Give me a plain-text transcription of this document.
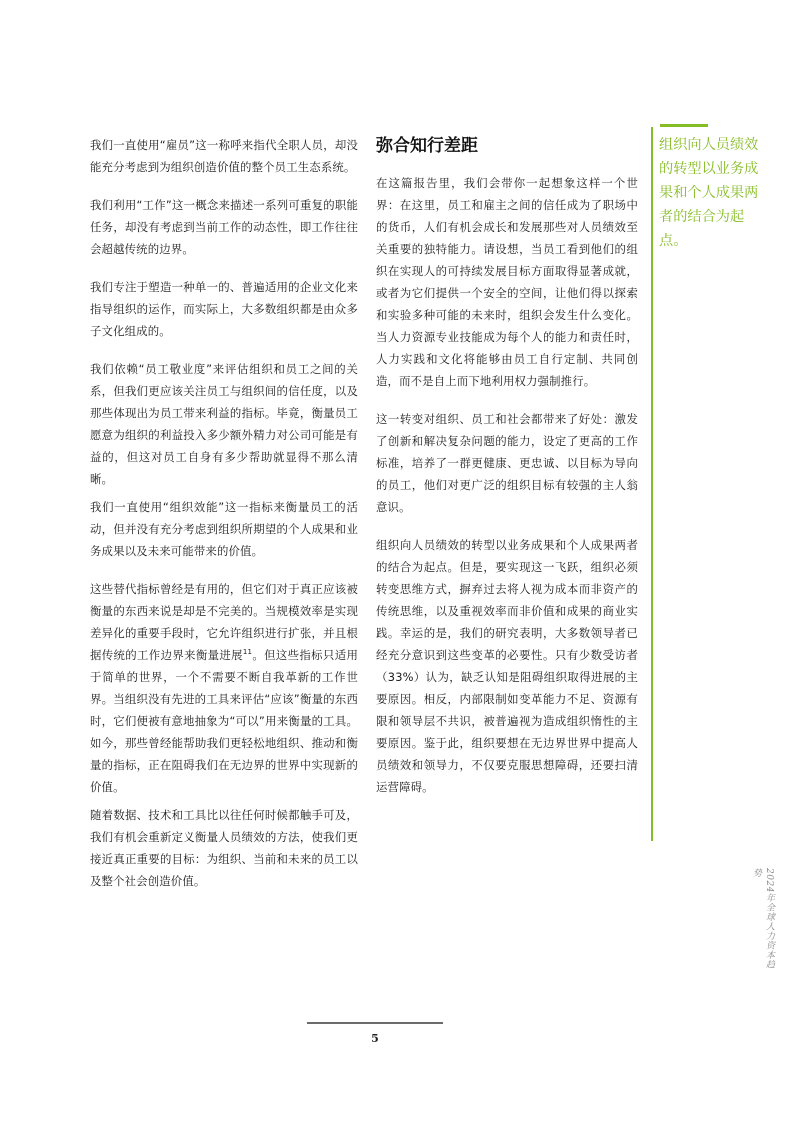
我们一直使用“雇员”这一称呼来指代全职人员，却没能充分考虑到为组织创造价值的整个员工生态系统。

我们利用“工作”这一概念来描述一系列可重复的职能任务，却没有考虑到当前工作的动态性，即工作往往会超越传统的边界。

我们专注于塑造一种单一的、普遍适用的企业文化来指导组织的运作，而实际上，大多数组织都是由众多子文化组成的。

我们依赖“员工敬业度”来评估组织和员工之间的关系，但我们更应该关注员工与组织间的信任度，以及那些体现出为员工带来利益的指标。毕竟，衡量员工愿意为组织的利益投入多少额外精力对公司可能是有益的，但这对员工自身有多少帮助就显得不那么清晰。

我们一直使用“组织效能”这一指标来衡量员工的活动，但并没有充分考虑到组织所期望的个人成果和业务成果以及未来可能带来的价值。

这些替代指标曾经是有用的，但它们对于真正应该被衡量的东西来说是却是不完美的。当规模效率是实现差异化的重要手段时，它允许组织进行扩张，并且根据传统的工作边界来衡量进展$^{11}$。但这些指标只适用于简单的世界，一个不需要不断自我革新的工作世界。当组织没有先进的工具来评估“应该”衡量的东西时，它们便被有意地抽象为“可以”用来衡量的工具。如今，那些曾经能帮助我们更轻松地组织、推动和衡量的指标，正在阻碍我们在无边界的世界中实现新的价值。

随着数据、技术和工具比以往任何时候都触手可及，我们有机会重新定义衡量人员绩效的方法，使我们更接近真正重要的目标：为组织、当前和未来的员工以及整个社会创造价值。

弥合知行差距

在这篇报告里，我们会带你一起想象这样一个世界：在这里，员工和雇主之间的信任成为了职场中的货币，人们有机会成长和发展那些对人员绩效至关重要的独特能力。请设想，当员工看到他们的组织在实现人的可持续发展目标方面取得显著成就，或者为它们提供一个安全的空间，让他们得以探索和实验多种可能的未来时，组织会发生什么变化。当人力资源专业技能成为每个人的能力和责任时，人力实践和文化将能够由员工自行定制、共同创造，而不是自上而下地利用权力强制推行。

这一转变对组织、员工和社会都带来了好处：激发了创新和解决复杂问题的能力，设定了更高的工作标准，培养了一群更健康、更忠诚、以目标为导向的员工，他们对更广泛的组织目标有较强的主人翁意识。

组织向人员绩效的转型以业务成果和个人成果两者的结合为起点。但是，要实现这一飞跃，组织必须转变思维方式，摒弃过去将人视为成本而非资产的传统思维，以及重视效率而非价值和成果的商业实践。幸运的是，我们的研究表明，大多数领导者已经充分意识到这些变革的必要性。只有少数受访者（33%）认为，缺乏认知是阻碍组织取得进展的主要原因。相反，内部限制如变革能力不足、资源有限和领导层不共识，被普遍视为造成组织惰性的主要原因。鉴于此，组织要想在无边界世界中提高人员绩效和领导力，不仅要克服思想障碍，还要扫清运营障碍。

组织向人员绩效的转型以业务成果和个人成果两者的结合为起点。

2024年全球人力资本趋势
5
